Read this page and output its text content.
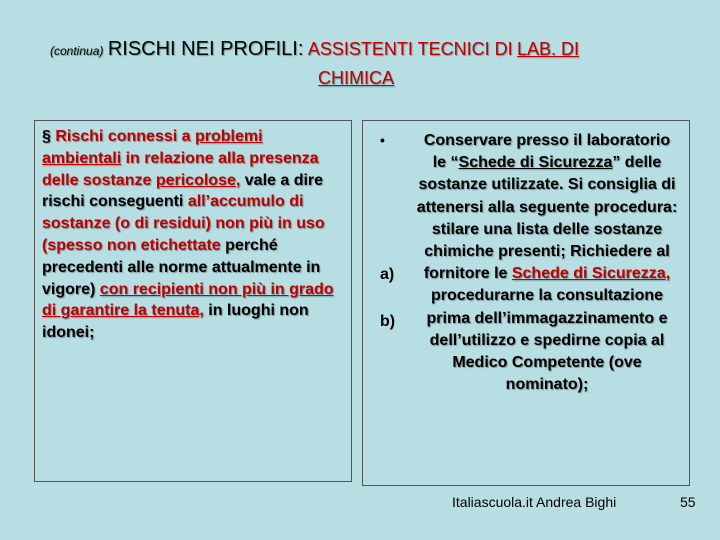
(continua) RISCHI NEI PROFILI: ASSISTENTI TECNICI DI LAB. DI
CHIMICA
§ Rischi connessi a problemi ambientali in relazione alla presenza delle sostanze pericolose, vale a dire rischi conseguenti all’accumulo di sostanze (o di residui) non più in uso (spesso non etichettate perché precedenti alle norme attualmente in vigore) con recipienti non più in grado di garantire la tenuta, in luoghi non idonei;
•
a)
b)
Conservare presso il laboratorio le “Schede di Sicurezza” delle sostanze utilizzate. Si consiglia di attenersi alla seguente procedura: stilare una lista delle sostanze chimiche presenti; Richiedere al fornitore le Schede di Sicurezza, procedurarne la consultazione prima dell’immagazzinamento e dell’utilizzo e spedirne copia al Medico Competente (ove nominato);
Italiascuola.it Andrea Bighi	55
